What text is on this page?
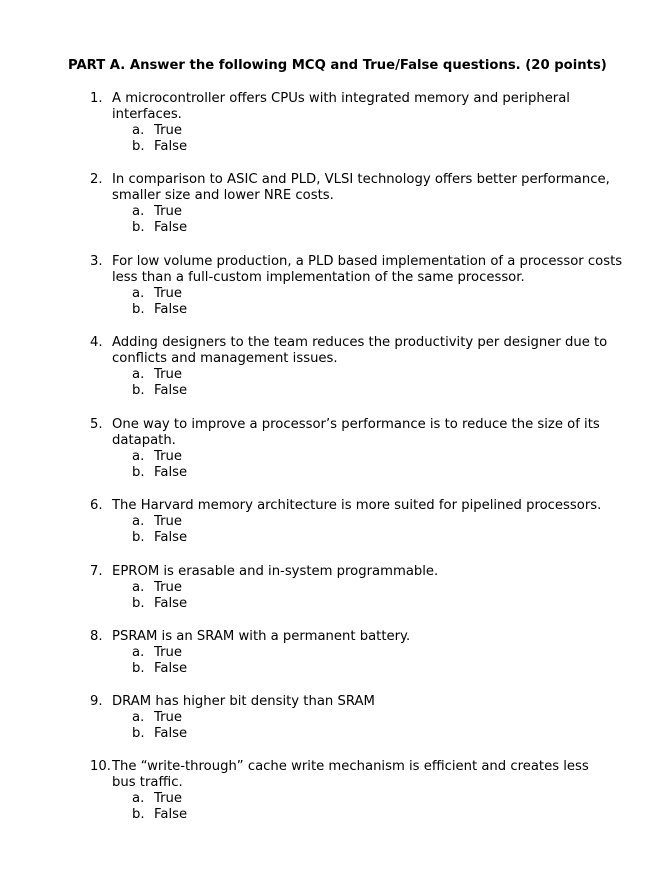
PART A. Answer the following MCQ and True/False questions. (20 points)
1. A microcontroller offers CPUs with integrated memory and peripheral interfaces.
a. True
b. False
2. In comparison to ASIC and PLD, VLSI technology offers better performance, smaller size and lower NRE costs.
a. True
b. False
3. For low volume production, a PLD based implementation of a processor costs less than a full-custom implementation of the same processor.
a. True
b. False
4. Adding designers to the team reduces the productivity per designer due to conflicts and management issues.
a. True
b. False
5. One way to improve a processor’s performance is to reduce the size of its datapath.
a. True
b. False
6. The Harvard memory architecture is more suited for pipelined processors.
a. True
b. False
7. EPROM is erasable and in-system programmable.
a. True
b. False
8. PSRAM is an SRAM with a permanent battery.
a. True
b. False
9. DRAM has higher bit density than SRAM
a. True
b. False
10. The “write-through” cache write mechanism is efficient and creates less bus traffic.
a. True
b. False
